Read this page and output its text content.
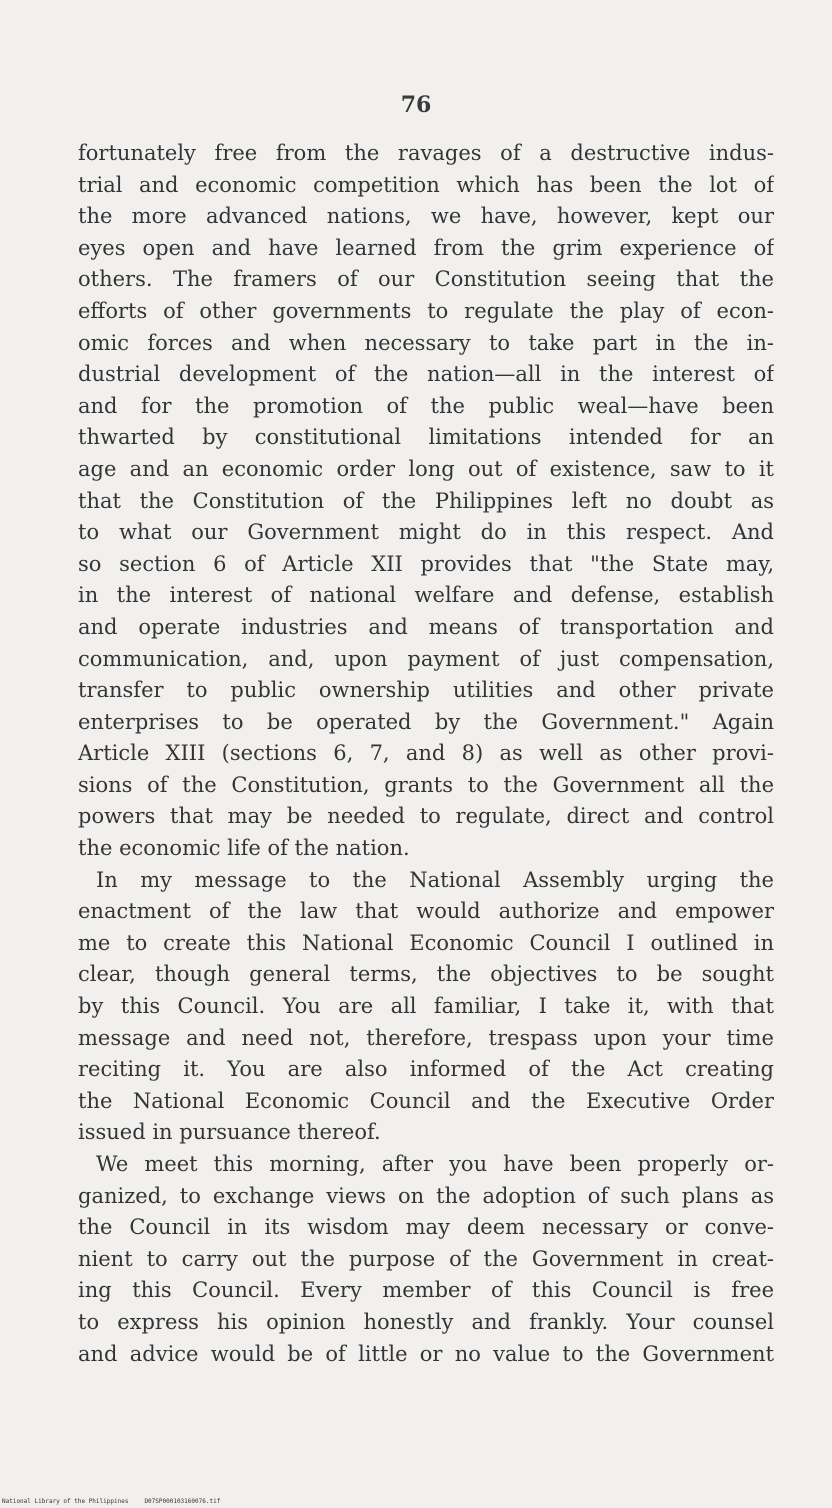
76
fortunately free from the ravages of a destructive indus-
trial and economic competition which has been the lot of
the more advanced nations, we have, however, kept our
eyes open and have learned from the grim experience of
others. The framers of our Constitution seeing that the
efforts of other governments to regulate the play of econ-
omic forces and when necessary to take part in the in-
dustrial development of the nation—all in the interest of
and for the promotion of the public weal—have been
thwarted by constitutional limitations intended for an
age and an economic order long out of existence, saw to it
that the Constitution of the Philippines left no doubt as
to what our Government might do in this respect. And
so section 6 of Article XII provides that "the State may,
in the interest of national welfare and defense, establish
and operate industries and means of transportation and
communication, and, upon payment of just compensation,
transfer to public ownership utilities and other private
enterprises to be operated by the Government." Again
Article XIII (sections 6, 7, and 8) as well as other provi-
sions of the Constitution, grants to the Government all the
powers that may be needed to regulate, direct and control
the economic life of the nation.
In my message to the National Assembly urging the
enactment of the law that would authorize and empower
me to create this National Economic Council I outlined in
clear, though general terms, the objectives to be sought
by this Council. You are all familiar, I take it, with that
message and need not, therefore, trespass upon your time
reciting it. You are also informed of the Act creating
the National Economic Council and the Executive Order
issued in pursuance thereof.
We meet this morning, after you have been properly or-
ganized, to exchange views on the adoption of such plans as
the Council in its wisdom may deem necessary or conve-
nient to carry out the purpose of the Government in creat-
ing this Council. Every member of this Council is free
to express his opinion honestly and frankly. Your counsel
and advice would be of little or no value to the Government
National Library of the Philippines	D07SP000103160076.tif
